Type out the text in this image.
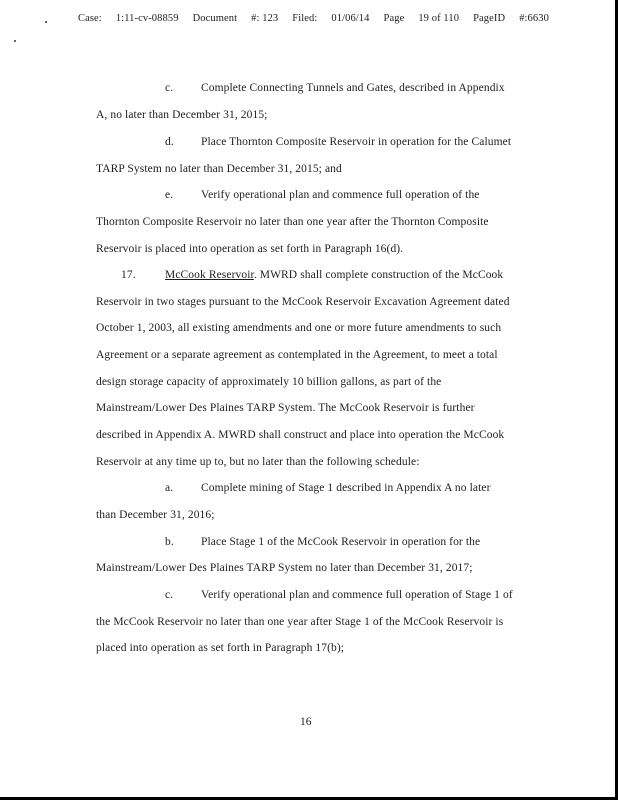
Case: 1:11-cv-08859 Document #: 123 Filed: 01/06/14 Page 19 of 110 PageID #:6630
c. Complete Connecting Tunnels and Gates, described in Appendix
A, no later than December 31, 2015;
d. Place Thornton Composite Reservoir in operation for the Calumet
TARP System no later than December 31, 2015; and
e. Verify operational plan and commence full operation of the
Thornton Composite Reservoir no later than one year after the Thornton Composite
Reservoir is placed into operation as set forth in Paragraph 16(d).
17.	McCook Reservoir. MWRD shall complete construction of the McCook
Reservoir in two stages pursuant to the McCook Reservoir Excavation Agreement dated
October 1, 2003, all existing amendments and one or more future amendments to such
Agreement or a separate agreement as contemplated in the Agreement, to meet a total
design storage capacity of approximately 10 billion gallons, as part of the
Mainstream/Lower Des Plaines TARP System. The McCook Reservoir is further
described in Appendix A. MWRD shall construct and place into operation the McCook
Reservoir at any time up to, but no later than the following schedule:
a. Complete mining of Stage 1 described in Appendix A no later
than December 31, 2016;
b. Place Stage 1 of the McCook Reservoir in operation for the
Mainstream/Lower Des Plaines TARP System no later than December 31, 2017;
c. Verify operational plan and commence full operation of Stage 1 of
the McCook Reservoir no later than one year after Stage 1 of the McCook Reservoir is
placed into operation as set forth in Paragraph 17(b);
16
